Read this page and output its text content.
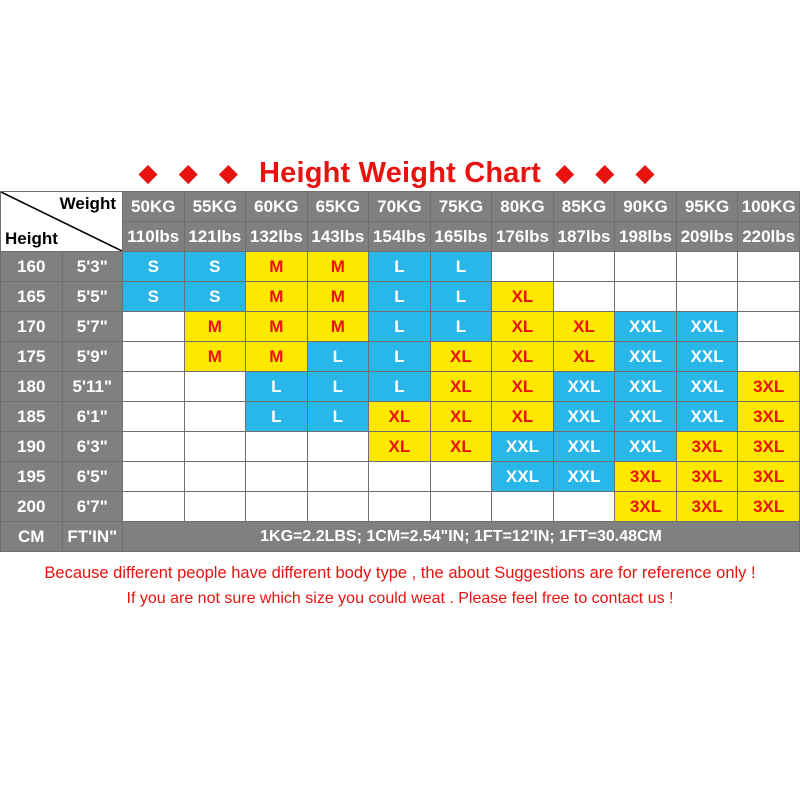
◆ ◆ ◆ Height Weight Chart ◆ ◆ ◆
Weight
Height		50KG	55KG	60KG	65KG	70KG	75KG	80KG	85KG	90KG	95KG	100KG
		110lbs	121lbs	132lbs	143lbs	154lbs	165lbs	176lbs	187lbs	198lbs	209lbs	220lbs
160	5'3"	S	S	M	M	L	L					
165	5'5"	S	S	M	M	L	L	XL				
170	5'7"		M	M	M	L	L	XL	XL	XXL	XXL	
175	5'9"		M	M	L	L	XL	XL	XL	XXL	XXL	
180	5'11"			L	L	L	XL	XL	XXL	XXL	XXL	3XL
185	6'1"			L	L	XL	XL	XL	XXL	XXL	XXL	3XL
190	6'3"					XL	XL	XXL	XXL	XXL	3XL	3XL
195	6'5"							XXL	XXL	3XL	3XL	3XL
200	6'7"									3XL	3XL	3XL
CM	FT'IN"	1KG=2.2LBS; 1CM=2.54"IN; 1FT=12'IN; 1FT=30.48CM										
Because different people have different body type , the about Suggestions are for reference only !
If you are not sure which size you could weat . Please feel free to contact us !
